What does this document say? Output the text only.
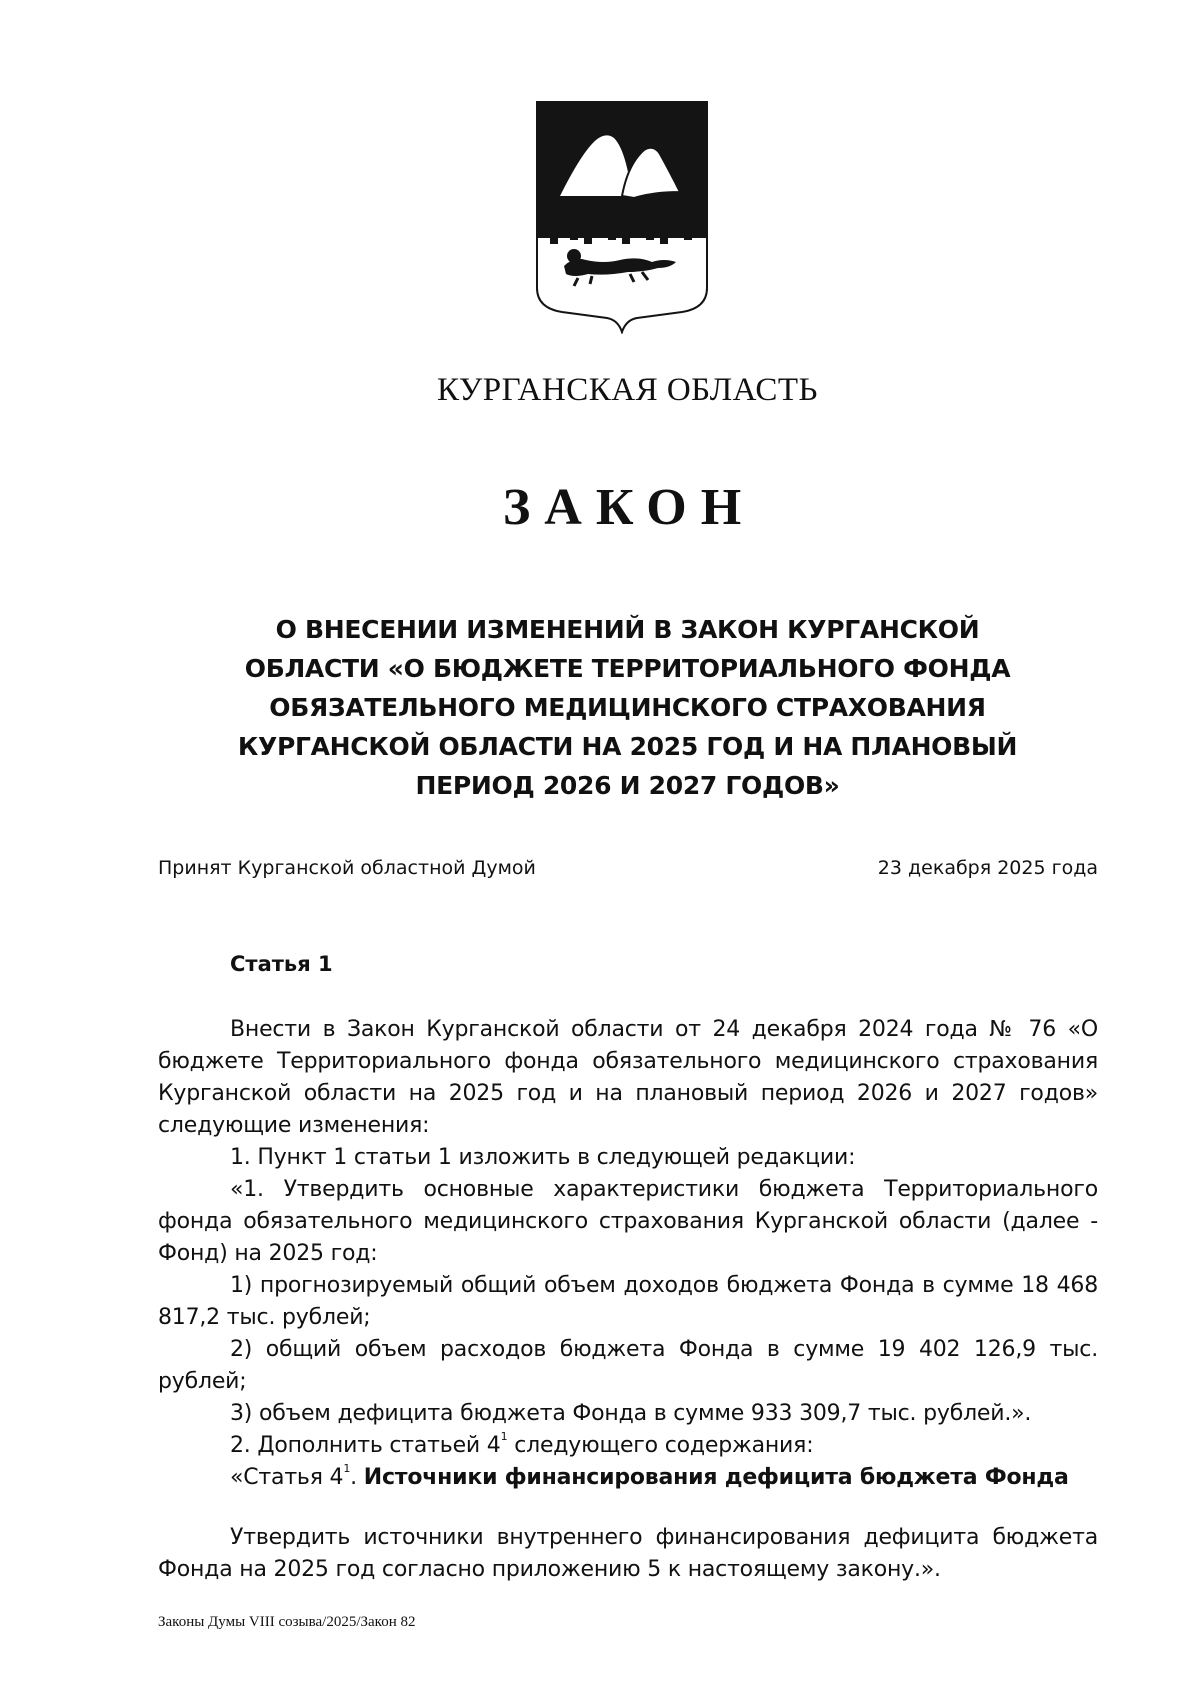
КУРГАНСКАЯ ОБЛАСТЬ
ЗАКОН
О ВНЕСЕНИИ ИЗМЕНЕНИЙ В ЗАКОН КУРГАНСКОЙ
ОБЛАСТИ «О БЮДЖЕТЕ ТЕРРИТОРИАЛЬНОГО ФОНДА
ОБЯЗАТЕЛЬНОГО МЕДИЦИНСКОГО СТРАХОВАНИЯ
КУРГАНСКОЙ ОБЛАСТИ НА 2025 ГОД И НА ПЛАНОВЫЙ
ПЕРИОД 2026 И 2027 ГОДОВ»
Принят Курганской областной Думой	23 декабря 2025 года
Статья 1

Внести в Закон Курганской области от 24 декабря 2024 года № 76 «О бюджете Территориального фонда обязательного медицинского страхования Курганской области на 2025 год и на плановый период 2026 и 2027 годов» следующие изменения:

1. Пункт 1 статьи 1 изложить в следующей редакции:

«1. Утвердить основные характеристики бюджета Территориального фонда обязательного медицинского страхования Курганской области (далее - Фонд) на 2025 год:

1) прогнозируемый общий объем доходов бюджета Фонда в сумме 18 468 817,2 тыс. рублей;

2) общий объем расходов бюджета Фонда в сумме 19 402 126,9 тыс. рублей;

3) объем дефицита бюджета Фонда в сумме 933 309,7 тыс. рублей.».

2. Дополнить статьей $4^1$ следующего содержания:

«Статья $4^1$. Источники финансирования дефицита бюджета Фонда

Утвердить источники внутреннего финансирования дефицита бюджета Фонда на 2025 год согласно приложению 5 к настоящему закону.».

Законы Думы VIII созыва/2025/Закон 82
